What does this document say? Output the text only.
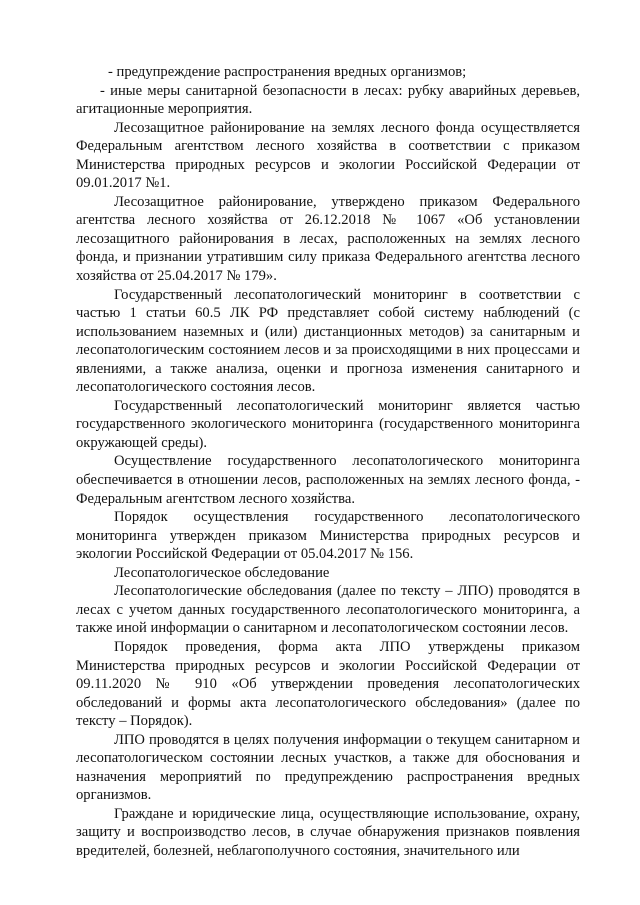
- предупреждение распространения вредных организмов;

- иные меры санитарной безопасности в лесах: рубку аварийных деревьев, агитационные мероприятия.

Лесозащитное районирование на землях лесного фонда осуществляется Федеральным агентством лесного хозяйства в соответствии с приказом Министерства природных ресурсов и экологии Российской Федерации от 09.01.2017 №1.

Лесозащитное районирование, утверждено приказом Федерального агентства лесного хозяйства от 26.12.2018 № 1067 «Об установлении лесозащитного районирования в лесах, расположенных на землях лесного фонда, и признании утратившим силу приказа Федерального агентства лесного хозяйства от 25.04.2017 № 179».

Государственный лесопатологический мониторинг в соответствии с частью 1 статьи 60.5 ЛК РФ представляет собой систему наблюдений (с использованием наземных и (или) дистанционных методов) за санитарным и лесопатологическим состоянием лесов и за происходящими в них процессами и явлениями, а также анализа, оценки и прогноза изменения санитарного и лесопатологического состояния лесов.

Государственный лесопатологический мониторинг является частью государственного экологического мониторинга (государственного мониторинга окружающей среды).

Осуществление государственного лесопатологического мониторинга обеспечивается в отношении лесов, расположенных на землях лесного фонда, - Федеральным агентством лесного хозяйства.

Порядок осуществления государственного лесопатологического мониторинга утвержден приказом Министерства природных ресурсов и экологии Российской Федерации от 05.04.2017 № 156.

Лесопатологическое обследование

Лесопатологические обследования (далее по тексту – ЛПО) проводятся в лесах с учетом данных государственного лесопатологического мониторинга, а также иной информации о санитарном и лесопатологическом состоянии лесов.

Порядок проведения, форма акта ЛПО утверждены приказом Министерства природных ресурсов и экологии Российской Федерации от 09.11.2020 № 910 «Об утверждении проведения лесопатологических обследований и формы акта лесопатологического обследования» (далее по тексту – Порядок).

ЛПО проводятся в целях получения информации о текущем санитарном и лесопатологическом состоянии лесных участков, а также для обоснования и назначения мероприятий по предупреждению распространения вредных организмов.

Граждане и юридические лица, осуществляющие использование, охрану, защиту и воспроизводство лесов, в случае обнаружения признаков появления вредителей, болезней, неблагополучного состояния, значительного или
